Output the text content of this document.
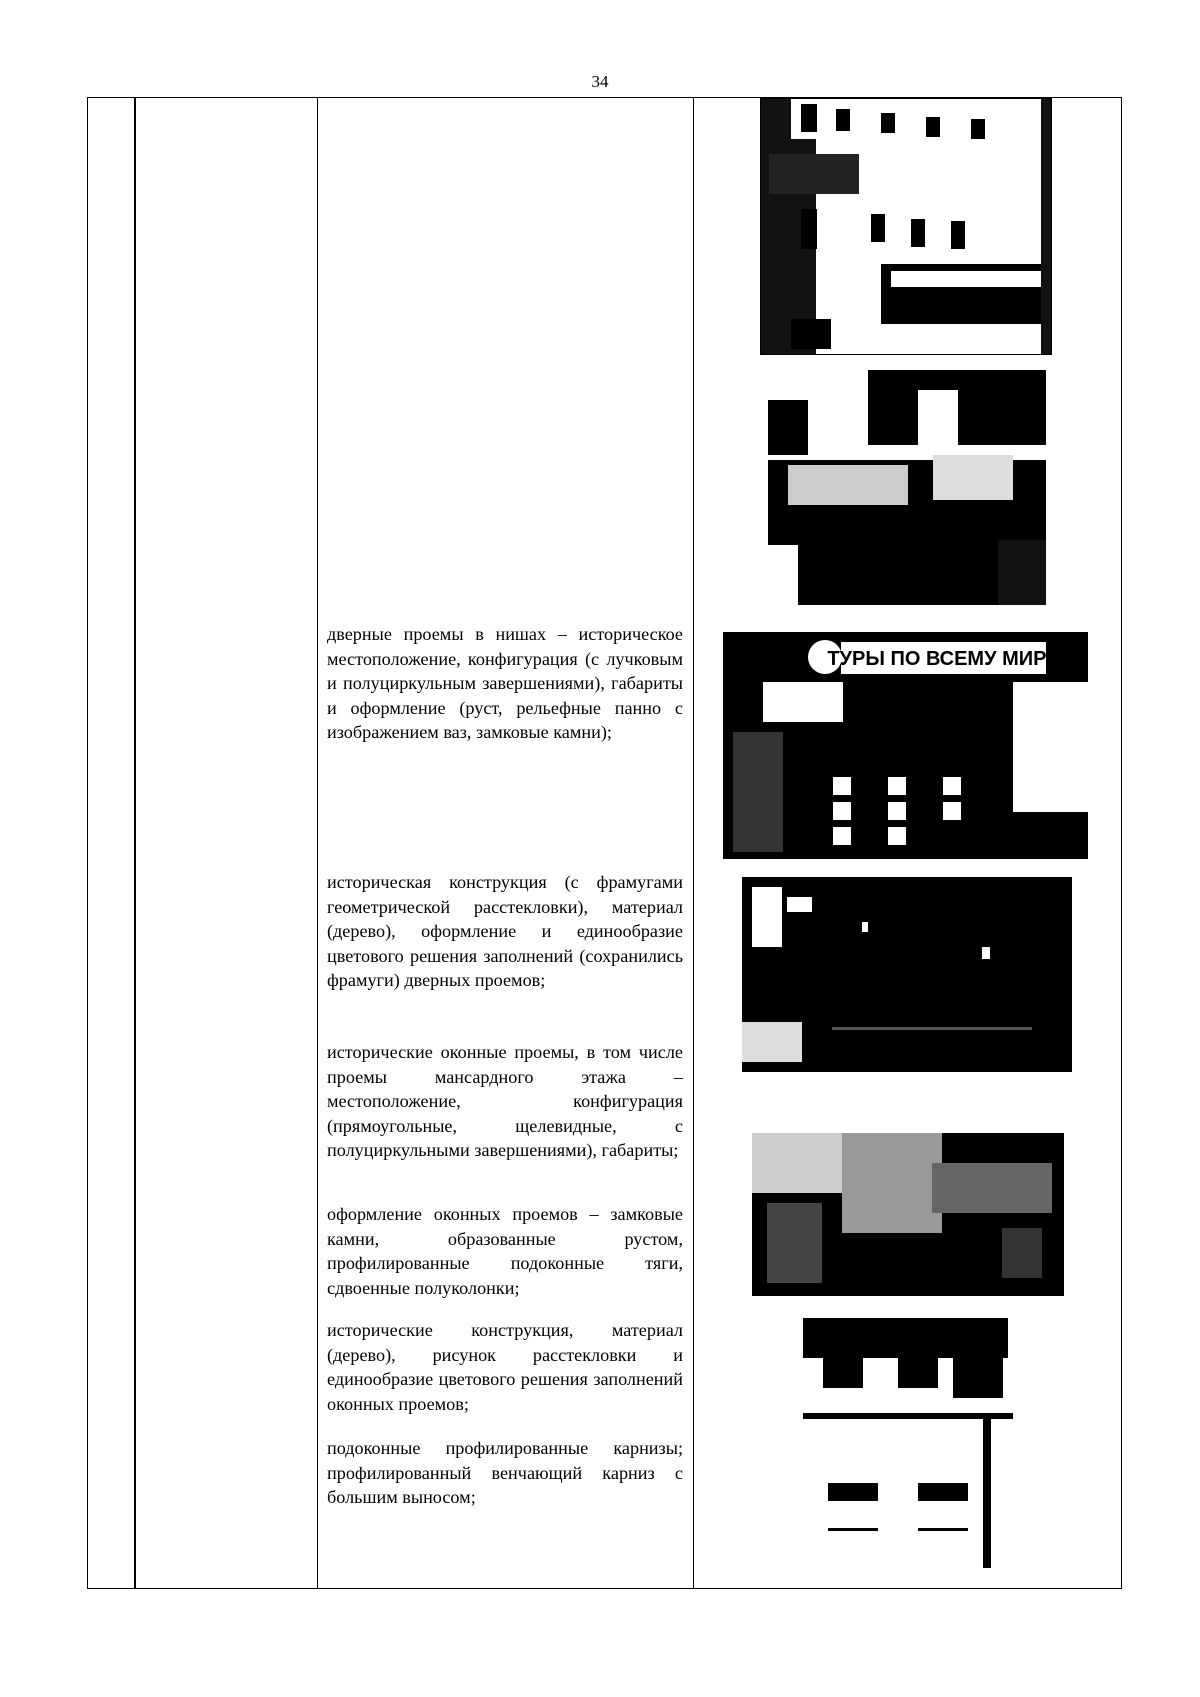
34

дверные проемы в нишах – историческое местоположение, конфигурация (с лучковым и полуциркульным завершениями), габариты и оформление (руст, рельефные панно с изображением ваз, замковые камни);

историческая конструкция (с фрамугами геометрической расстекловки), материал (дерево), оформление и единообразие цветового решения заполнений (сохранились фрамуги) дверных проемов;

исторические оконные проемы, в том числе проемы мансардного этажа – местоположение, конфигурация (прямоугольные, щелевидные, с полуциркульными завершениями), габариты;

оформление оконных проемов – замковые камни, образованные рустом, профилированные подоконные тяги, сдвоенные полуколонки;

исторические конструкция, материал (дерево), рисунок расстекловки и единообразие цветового решения заполнений оконных проемов;

подоконные профилированные карнизы; профилированный венчающий карниз с большим выносом;

ТУРЫ ПО ВСЕМУ МИРУ
